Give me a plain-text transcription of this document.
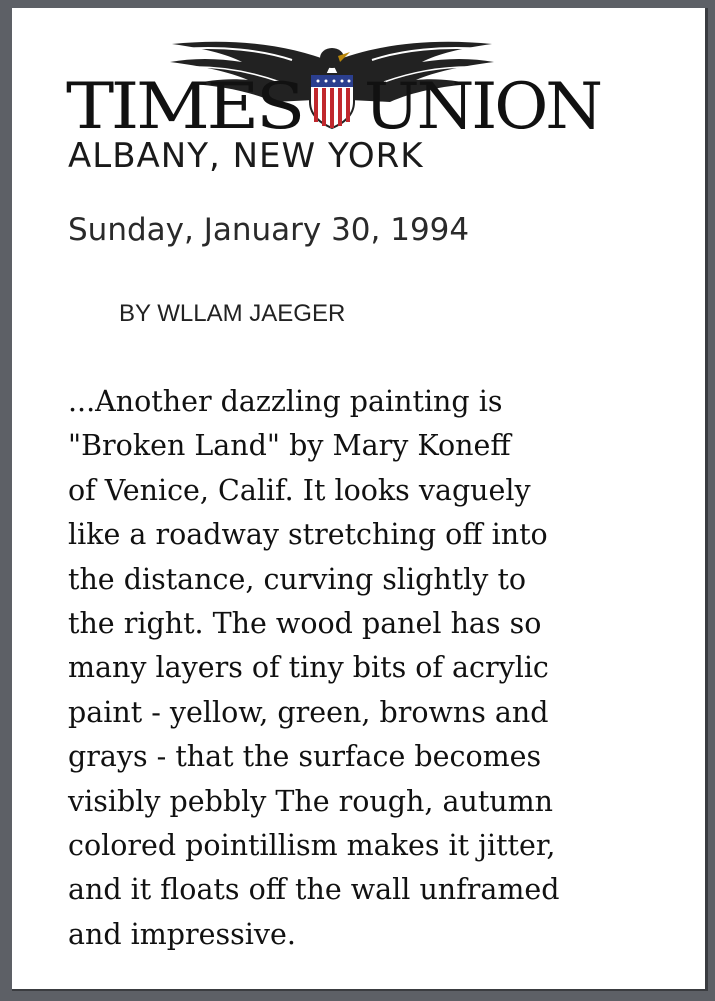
TIMES UNION
ALBANY, NEW YORK
Sunday, January 30, 1994
BY WLLAM JAEGER

...Another dazzling painting is
"Broken Land" by Mary Koneff
of Venice, Calif. It looks vaguely
like a roadway stretching off into
the distance, curving slightly to
the right. The wood panel has so
many layers of tiny bits of acrylic
paint - yellow, green, browns and
grays - that the surface becomes
visibly pebbly The rough, autumn
colored pointillism makes it jitter,
and it floats off the wall unframed
and impressive.
